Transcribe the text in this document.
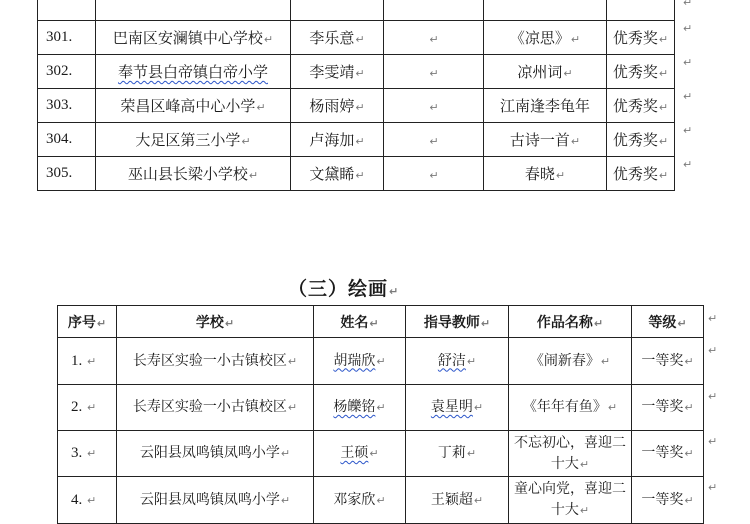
301.	巴南区安澜镇中心学校↵	李乐意↵	↵	《凉思》↵	优秀奖↵
302.	奉节县白帝镇白帝小学	李雯靖↵	↵	凉州词↵	优秀奖↵
303.	荣昌区峰高中心小学↵	杨雨婷↵	↵	江南逢李龟年	优秀奖↵
304.	大足区第三小学↵	卢海加↵	↵	古诗一首↵	优秀奖↵
305.	巫山县长梁小学校↵	文黛睎↵	↵	春晓↵	优秀奖↵
↵
↵
↵
↵
↵
↵
（三）绘画↵
序号↵	学校↵	姓名↵	指导教师↵	作品名称↵	等级↵
1. ↵	长寿区实验一小古镇校区↵	胡瑞欣↵	舒洁↵	《闹新春》↵	一等奖↵
2. ↵	长寿区实验一小古镇校区↵	杨皪铭↵	袁星明↵	《年年有鱼》↵	一等奖↵
3. ↵	云阳县凤鸣镇凤鸣小学↵	王硕↵	丁莉↵	不忘初心，喜迎二十大↵	一等奖↵
4. ↵	云阳县凤鸣镇凤鸣小学↵	邓家欣↵	王颖超↵	童心向党，喜迎二十大↵	一等奖↵
↵
↵
↵
↵
↵
